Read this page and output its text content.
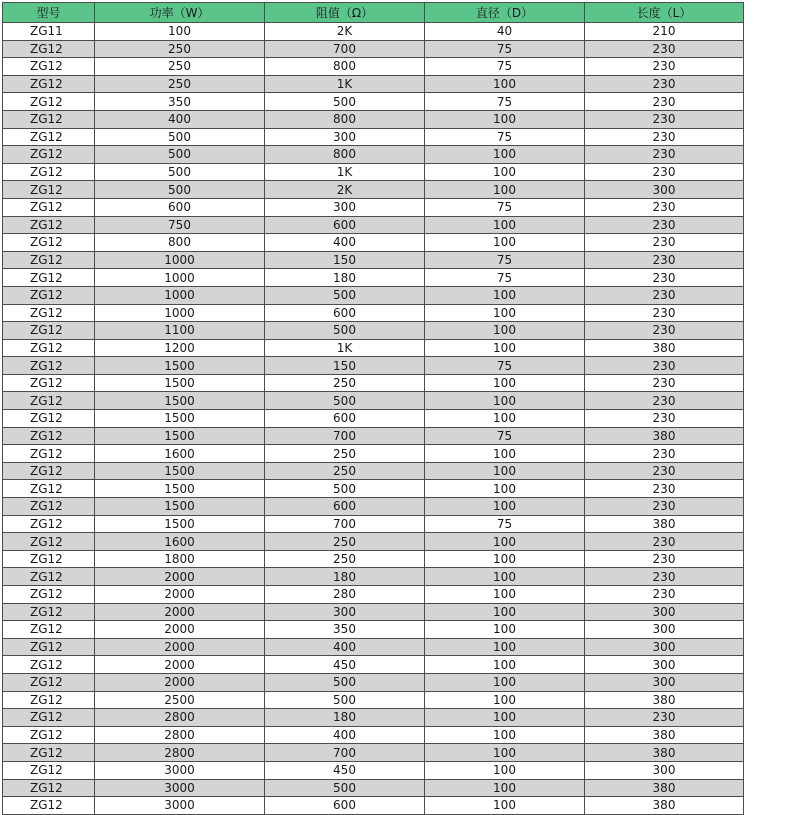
型号	功率（W）	阻值（Ω）	直径（D）	长度（L）
ZG11	100	2K	40	210
ZG12	250	700	75	230
ZG12	250	800	75	230
ZG12	250	1K	100	230
ZG12	350	500	75	230
ZG12	400	800	100	230
ZG12	500	300	75	230
ZG12	500	800	100	230
ZG12	500	1K	100	230
ZG12	500	2K	100	300
ZG12	600	300	75	230
ZG12	750	600	100	230
ZG12	800	400	100	230
ZG12	1000	150	75	230
ZG12	1000	180	75	230
ZG12	1000	500	100	230
ZG12	1000	600	100	230
ZG12	1100	500	100	230
ZG12	1200	1K	100	380
ZG12	1500	150	75	230
ZG12	1500	250	100	230
ZG12	1500	500	100	230
ZG12	1500	600	100	230
ZG12	1500	700	75	380
ZG12	1600	250	100	230
ZG12	1500	250	100	230
ZG12	1500	500	100	230
ZG12	1500	600	100	230
ZG12	1500	700	75	380
ZG12	1600	250	100	230
ZG12	1800	250	100	230
ZG12	2000	180	100	230
ZG12	2000	280	100	230
ZG12	2000	300	100	300
ZG12	2000	350	100	300
ZG12	2000	400	100	300
ZG12	2000	450	100	300
ZG12	2000	500	100	300
ZG12	2500	500	100	380
ZG12	2800	180	100	230
ZG12	2800	400	100	380
ZG12	2800	700	100	380
ZG12	3000	450	100	300
ZG12	3000	500	100	380
ZG12	3000	600	100	380
